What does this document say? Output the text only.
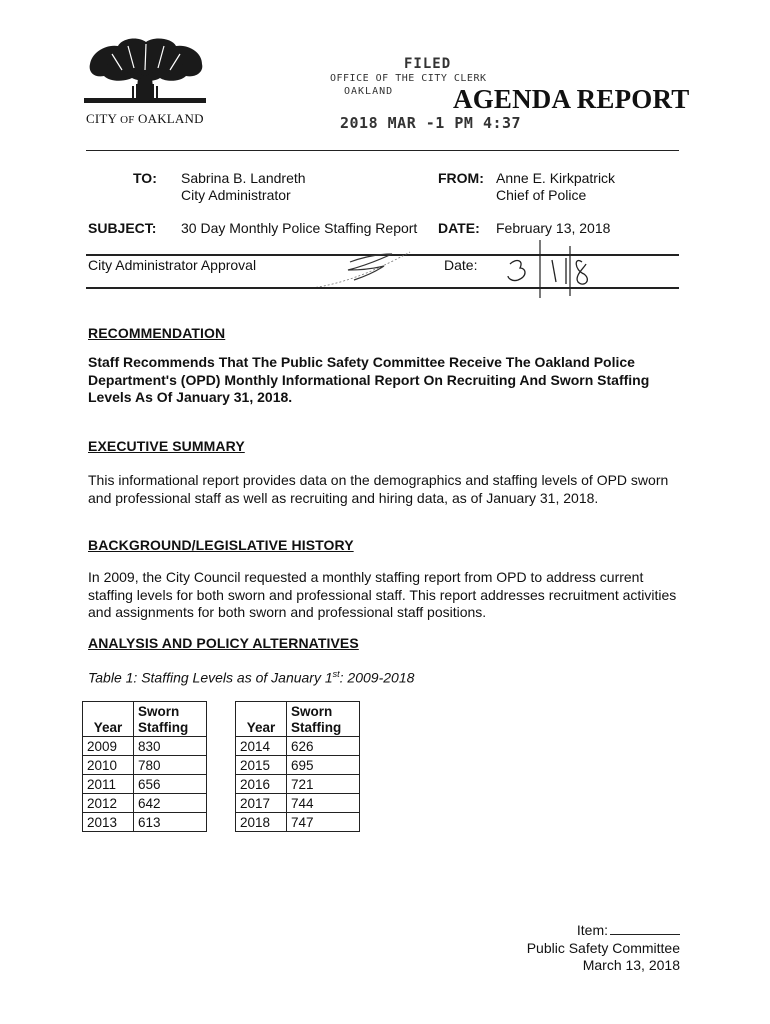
CITY OF OAKLAND
FILED
OFFICE OF THE CITY CLERK
OAKLAND
2018 MAR -1 PM 4:37
AGENDA REPORT
TO: Sabrina B. Landreth
City Administrator
FROM: Anne E. Kirkpatrick
Chief of Police
SUBJECT: 30 Day Monthly Police Staffing Report DATE: February 13, 2018
City Administrator Approval	Date:
RECOMMENDATION

Staff Recommends That The Public Safety Committee Receive The Oakland Police Department's (OPD) Monthly Informational Report On Recruiting And Sworn Staffing Levels As Of January 31, 2018.

EXECUTIVE SUMMARY

This informational report provides data on the demographics and staffing levels of OPD sworn and professional staff as well as recruiting and hiring data, as of January 31, 2018.

BACKGROUND/LEGISLATIVE HISTORY

In 2009, the City Council requested a monthly staffing report from OPD to address current staffing levels for both sworn and professional staff. This report addresses recruitment activities and assignments for both sworn and professional staff positions.

ANALYSIS AND POLICY ALTERNATIVES
Table 1: Staffing Levels as of January 1st: 2009-2018
Year	Sworn
Staffing
2009	830
2010	780
2011	656
2012	642
2013	613
Year	Sworn
Staffing
2014	626
2015	695
2016	721
2017	744
2018	747
Item:
Public Safety Committee
March 13, 2018
